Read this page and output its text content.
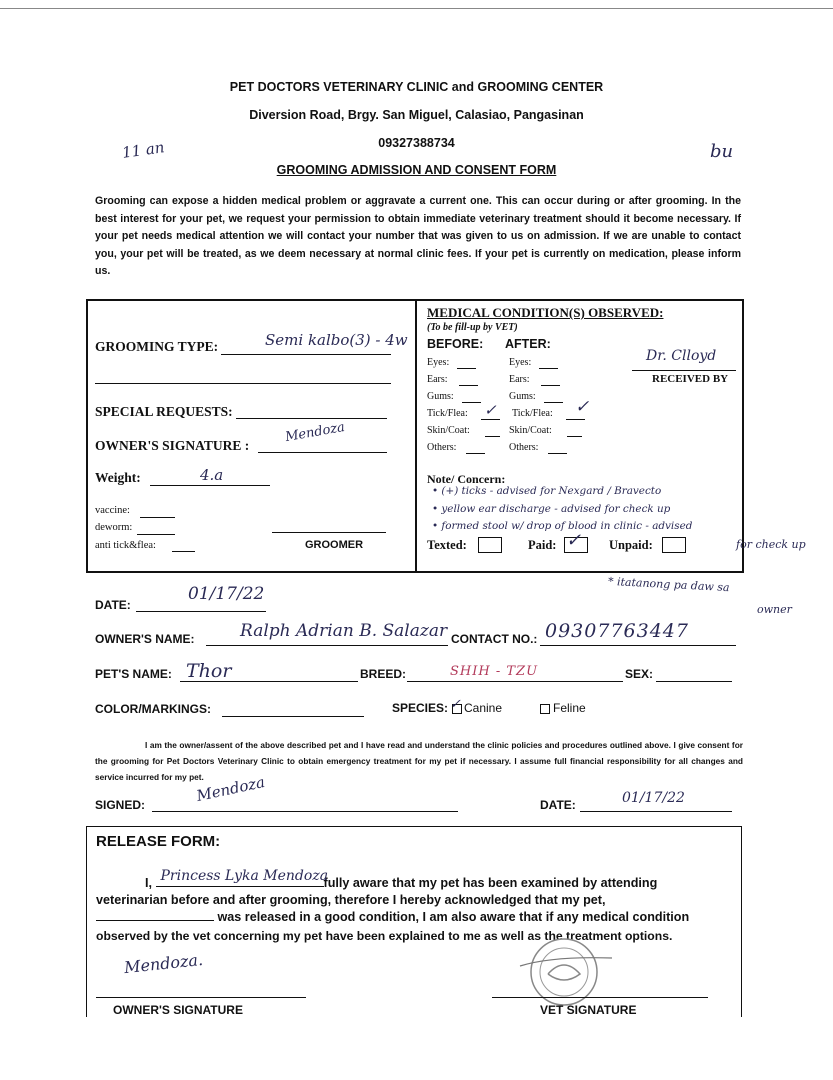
PET DOCTORS VETERINARY CLINIC and GROOMING CENTER
Diversion Road, Brgy. San Miguel, Calasiao, Pangasinan
09327388734
11 an	bu
GROOMING ADMISSION AND CONSENT FORM
Grooming can expose a hidden medical problem or aggravate a current one. This can occur during or after grooming. In the best interest for your pet, we request your permission to obtain immediate veterinary treatment should it become necessary. If your pet needs medical attention we will contact your number that was given to us on admission. If we are unable to contact you, your pet will be treated, as we deem necessary at normal clinic fees. If your pet is currently on medication, please inform us.
GROOMING TYPE:	Semi kalbo(3) - 4w
SPECIAL REQUESTS:
OWNER'S SIGNATURE :
Mendoza
Weight:	4.a
vaccine:
deworm:
anti tick&flea:	GROOMER
MEDICAL CONDITION(S) OBSERVED:
(To be fill-up by VET)
BEFORE: AFTER:
Eyes:	Eyes:
Ears:	Ears:
Gums:	Gums:
Tick/Flea: ✓ Tick/Flea: ✓
Skin/Coat:	Skin/Coat:
Others:	Others:
Dr. Clloyd
RECEIVED BY
Note/ Concern:
• (+) ticks - advised for Nexgard / Bravecto
• yellow ear discharge - advised for check up
• formed stool w/ drop of blood in clinic - advised
for check up
Texted:	Paid: ✓ Unpaid:
DATE:
01/17/22	* itatanong pa daw sa
owner
OWNER'S NAME:	Ralph Adrian B. Salazar CONTACT NO.: 09307763447
PET'S NAME: Thor	BREED:	SHIH - TZU	SEX:
COLOR/MARKINGS:	SPECIES: ✓ Canine	Feline
I am the owner/assent of the above described pet and I have read and understand the clinic policies and procedures outlined above. I give consent for the grooming for Pet Doctors Veterinary Clinic to obtain emergency treatment for my pet if necessary. I assume full financial responsibility for all changes and service incurred for my pet.
SIGNED:	Mendoza	DATE:	01/17/22
RELEASE FORM:
I, Princess Lyka Mendoza
fully aware that my pet has been examined by attending
veterinarian before and after grooming, therefore I hereby acknowledged that my pet,
was released in a good condition, I am also aware that if any medical condition
observed by the vet concerning my pet have been explained to me as well as the treatment options.
Mendoza.
OWNER'S SIGNATURE	VET SIGNATURE
